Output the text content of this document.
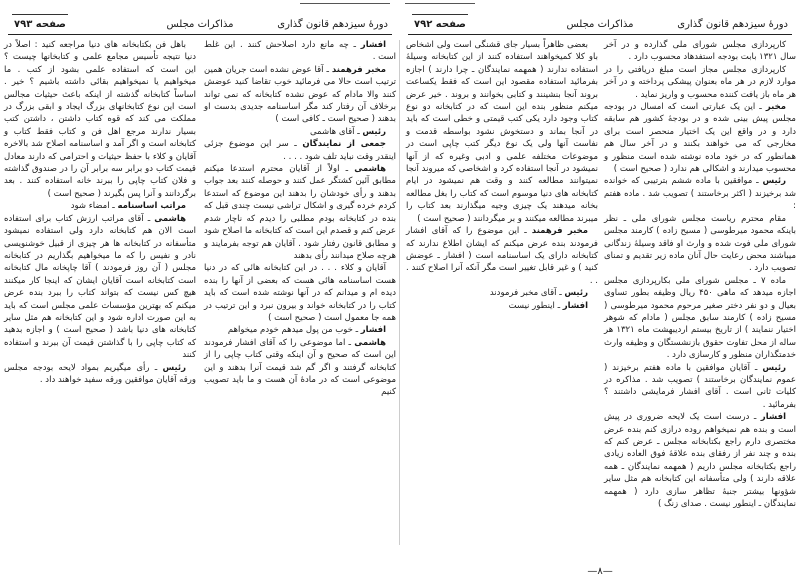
دورهٔ سیزدهم قانون گذاری
مذاکرات مجلس
صفحه ۷۹۳

افشار ـ چه مانع دارد اصلاحش کنند . این غلط است .

مخبر فرهمند ـ آقا عوض نشده است جریان همین ترتیب است حالا می فرمائید خوب تقاضا کنید عوضش کنند والا مادام که عوض نشده کتابخانه که نمی تواند برخلاف آن رفتار کند مگر اساسنامه جدیدی بدست او بدهند ( صحیح است ـ کافی است )

رئیس ـ آقای هاشمی

جمعی از نمایندگان ـ سر این موضوع جزئی اینقدر وقت نباید تلف شود . . . .

هاشمی ـ اولاً از آقایان محترم استدعا میکنم مطابق آئین کشتگر عمل کنند و حوصله کنند بعد جواب بدهند و رأی خودشان را بدهند این موضوع که استدعا کردم خرده گیری و اشکال تراشی نیست چندی قبل که بنده در کتابخانه بودم مطلبی را دیدم که ناچار شدم عرض کنم و قصدم این است که کتابخانه ما اصلاح شود و مطابق قانون رفتار شود . آقایان هم توجه بفرمایند و هرچه صلاح میدانند رأی بدهند

آقایان و کلاء . . . در این کتابخانه هائی که در دنیا هست اساسنامه هائی هست که بعضی از آنها را بنده دیده ام و میدانم که در آنها نوشته شده است که باید کتاب را در کتابخانه خواند و بیرون نبرد و این ترتیب در همه جا معمول است ( صحیح است )

افشار ـ خوب من پول میدهم خودم میخواهم

هاشمی ـ اما موضوعی را که آقای افشار فرمودند این است که صحیح و آن اینکه وقتی کتاب چاپی را از کتابخانه گرفتند و اگر گم شد قیمت آنرا بدهند و این موضوعی است که در مادهٔ آن هست و ما باید تصویب کنیم

باهل فن بکتابخانه های دنیا مراجعه کنید : اصلاً در دنیا نتیجه تأسیس مجامع علمی و کتابخانها چیست ؟ این است که استفاده علمی بشود از کتب . ما میخواهیم یا نمیخواهیم بقائی داشته باشیم ؟ خیر . اساساً کتابخانه گذشته از اینکه باعث حیثیات مجالس است این نوع کتابخانهای بزرگ ایجاد و ابقی بزرگ در مملکت می کند که قوه کتاب داشتن ، داشتن کتب بسیار ندارند مرجع اهل فن و کتاب فقط کتاب و کتابخانه است و اگر آمد و اساسنامه اصلاح شد بالاخره آقایان و کلاء با حفظ حیثیات و احترامی که دارند معادل قیمت کتاب دو برابر سه برابر آن را در صندوق گذاشته و فلان کتاب چاپی را ببرند خانه استفاده کنند . بعد برگردانند و آنرا پس بگیرند ( صحیح است )

مراتب اساسنامه ـ امضاء شود

هاشمی ـ آقای مراتب ارزش کتاب برای استفاده است الان هم کتابخانه دارد ولی استفاده نمیشود متأسفانه در کتابخانه ها هر چیزی از قبیل خوشنویسی نادر و نفیس را که ما میخواهیم بگذاریم در کتابخانه مجلس ( آن روز فرمودند ) آقا چاپخانه مال کتابخانه است کتابخانه است آقایان ایشان که اینجا کار میکنند هیچ کس نیست که بتواند کتاب را ببرد بنده عرض میکنم که بهترین مؤسسات علمی مجلس است که باید به این صورت اداره شود و این کتابخانه هم مثل سایر کتابخانه های دنیا باشد ( صحیح است ) و اجازه بدهید که کتاب چاپی را با گذاشتن قیمت آن ببرند و استفاده کنند

رئیس ـ رأی میگیریم بمواد لایحه بودجه مجلس ورقه آقایان موافقین ورقه سفید خواهند داد .

دورهٔ سیزدهم قانون گذاری
مذاکرات مجلس
صفحه ۷۹۲

کارپردازی مجلس شورای ملی گذارده و در آخر سال ۱۳۲۱ بابت بودجه استفدهاد محسوب دارد .

کارپردازی مجلس مجاز است مبلغ دریافتی را در موارد لازم در هر ماه بعنوان پیشکی پرداخته و در آخر هر ماه باز یافت کننده محسوب و واریز نماید .

مخبر ـ این یک عبارتی است که امسال در بودجه مجلس پیش بینی شده و در بودجهٔ کشور هم سابقه دارد و در واقع این یک اختیار منحصر است برای مخارجی که می خواهند بکنند و در آخر سال هم همانطور که در خود ماده نوشته شده است منظور و محسوب میدارند و اشکالی هم ندارد ( صحیح است )

رئیس ـ موافقین با ماده ششم بترتیبی که خوانده شد برخیزند ( اکثر برخاستند ) تصویب شد . ماده هفتم :

مقام محترم ریاست مجلس شورای ملی ـ نظر باینکه محمود میرطوسی ( مسیح زاده ) کارمند مجلس شورای ملی فوت شده و وارث او فاقد وسیلهٔ زندگانی میباشند محض رعایت حال آنان ماده زیر تقدیم و تمنای تصویب دارد .

ماده ۷ ـ مجلس شورای ملی بکارپردازی مجلس اجازه میدهد که ماهی ۴۵۰ ریال وظیفه بطور تساوی بعیال و دو نفر دختر صغیر مرحوم محمود میرطوسی ( مسیح زاده ) کارمند سابق مجلس ( مادام که شوهر اختیار ننمایند ) از تاریخ بیستم اردیبهشت ماه ۱۳۲۱ هر ساله از محل تفاوت حقوق بازنشستگان و وظیفه وارث خدمتگذاران منظور و کارسازی دارد .

رئیس ـ آقایان موافقین با ماده هفتم برخیزند ( عموم نمایندگان برخاستند ) تصویب شد . مذاکره در کلیات ثانی است . آقای افشار فرمایشی داشتند ؟ بفرمائید .

افشار ـ درست است یک لایحه ضروری در پیش است و بنده هم نمیخواهم روده درازی کنم بنده عرض مختصری دارم راجع بکتابخانه مجلس ـ عرض کنم که بنده و چند نفر از رفقای بنده علاقهٔ فوق العاده زیادی راجع بکتابخانه مجلس داریم ( همهمه نمایندگان ـ همه علاقه دارند ) ولی متأسفانه این کتابخانه هم مثل سایر شؤونها بیشتر جنبهٔ تظاهر سازی دارد ( همهمه نمایندگان ـ اینطور نیست . صدای زنگ )

بعضی ظاهراً بسیار جای قشنگی است ولی اشخاص باو کلا کمیخواهند استفاده کنند از این کتابخانه وسیلهٔ استفاده ندارند ( همهمه نمایندگان ـ چرا دارند ) اجازه بفرمائید استفاده مقصود این است که فقط یکساعت بروند آنجا بنشینند و کتابی بخوانند و بروند . خیر عرض میکنم منظور بنده این است که در کتابخانه دو نوع کتاب وجود دارد یکی کتب قیمتی و خطی است که باید در آنجا بماند و دستخوش نشود بواسطه قدمت و نفاست آنها ولی یک نوع دیگر کتب چاپی است در موضوعات مختلفه علمی و ادبی وغیره که از آنها نمیشود در آنجا استفاده کرد و اشخاصی که میروند آنجا نمیتوانند مطالعه کنند و وقت هم نمیشود در ایام کتابخانه های دنیا موسوم است که کتاب را بغل مطالعه بخانه میدهند یک چیزی وجیه میگذارند بعد کتاب را میبرند مطالعه میکنند و بر میگردانند ( صحیح است )

مخبر فرهمند ـ این موضوع را که آقای افشار فرمودند بنده عرض میکنم که ایشان اطلاع ندارند که کتابخانه دارای یک اساسنامه است ( افشار ـ عوضش کنید ) و غیر قابل تغییر است مگر آنکه آنرا اصلاح کنند . . .

رئیس ـ آقای مخبر فرمودند

افشار ـ اینطور نیست

—۸—
